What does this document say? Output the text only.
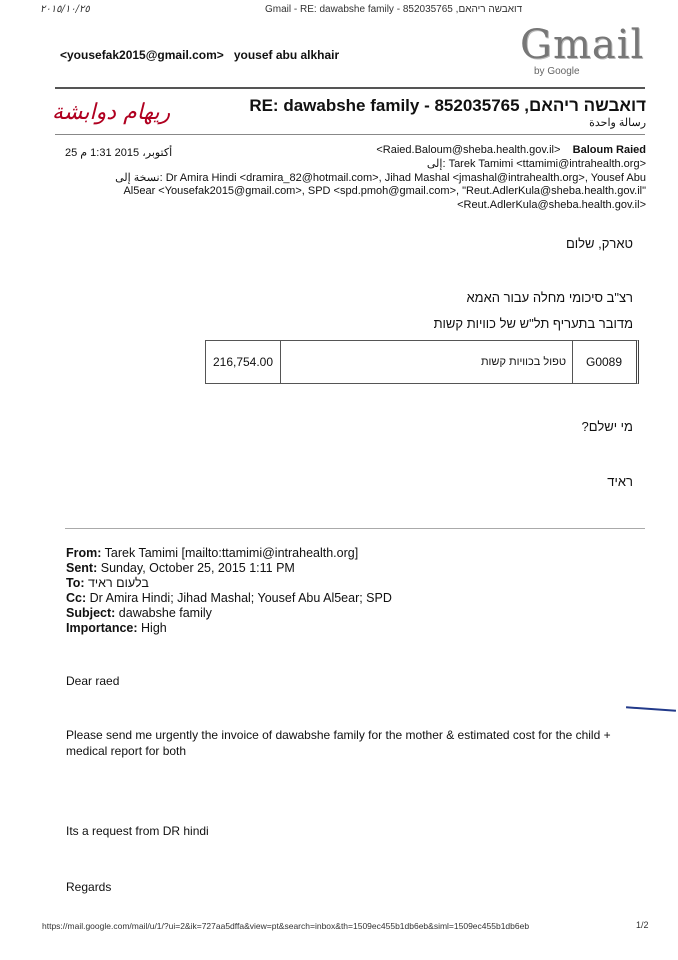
٢٠١٥/١٠/٢٥	Gmail - RE: dawabshe family - 852035765 ,דואבשה ריהאם
<yousefak2015@gmail.com> yousef abu alkhair	Gmail
by Google
ريهام دوابشة	RE: dawabshe family - 852035765 ,דואבשה ריהאם
رسالة واحدة
<Raied.Baloum@sheba.health.gov.il> Baloum Raied
25 أكتوبر، 2015 1:31 م
إلى: Tarek Tamimi <ttamimi@intrahealth.org>
نسخة إلى: Dr Amira Hindi <dramira_82@hotmail.com>, Jihad Mashal <jmashal@intrahealth.org>, Yousef Abu
Al5ear <Yousefak2015@gmail.com>, SPD <spd.pmoh@gmail.com>, "Reut.AdlerKula@sheba.health.gov.il"
<Reut.AdlerKula@sheba.health.gov.il>
טארק, שלום
רצ"ב סיכומי מחלה עבור האמא
מדובר בתעריף תל"ש של כוויות קשות
216,754.00	טפול בכוויות קשות	G0089
מי ישלם?
ראיד
From: Tarek Tamimi [mailto:ttamimi@intrahealth.org]
Sent: Sunday, October 25, 2015 1:11 PM
To: בלעום ראיד
Cc: Dr Amira Hindi; Jihad Mashal; Yousef Abu Al5ear; SPD
Subject: dawabshe family
Importance: High
Dear raed
Please send me urgently the invoice of dawabshe family for the mother & estimated cost for the child +
medical report for both
Its a request from DR hindi
Regards
https://mail.google.com/mail/u/1/?ui=2&ik=727aa5dffa&view=pt&search=inbox&th=1509ec455b1db6eb&siml=1509ec455b1db6eb	1/2
